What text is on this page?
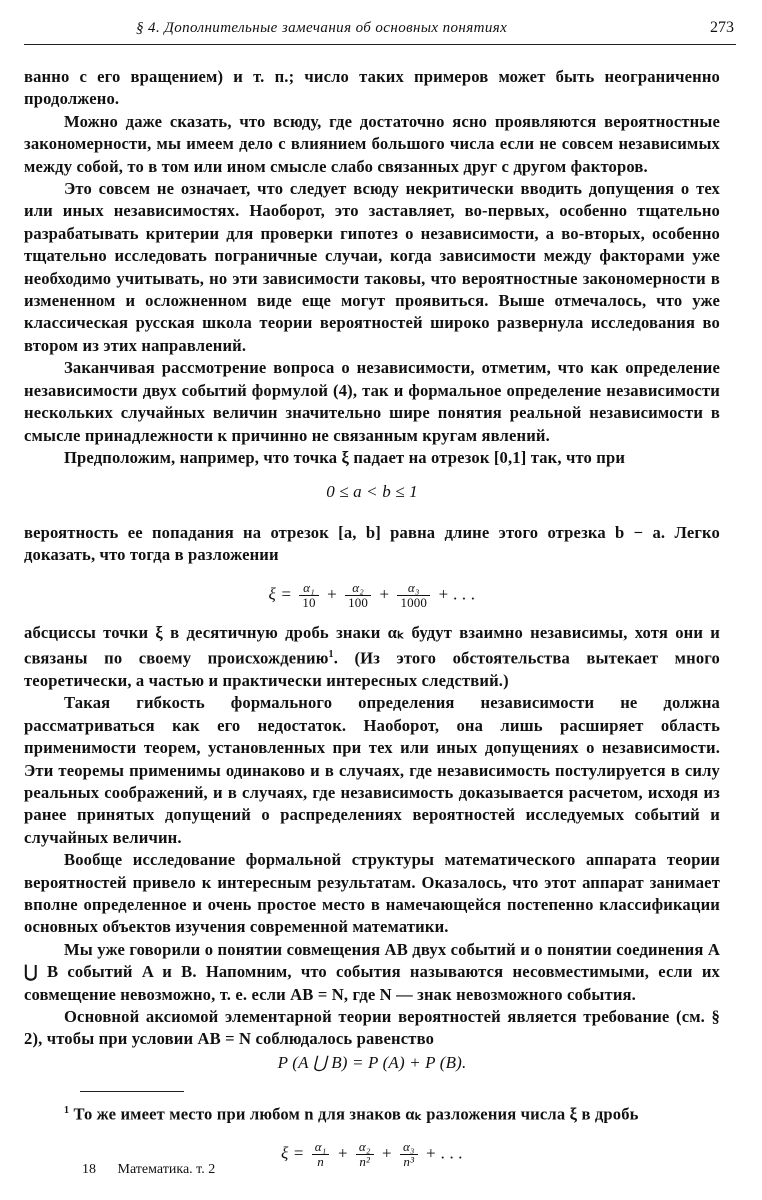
§ 4. Дополнительные замечания об основных понятиях	273

ванно с его вращением) и т. п.; число таких примеров может быть неограниченно продолжено.

Можно даже сказать, что всюду, где достаточно ясно проявляются вероятностные закономерности, мы имеем дело с влиянием большого числа если не совсем независимых между собой, то в том или ином смысле слабо связанных друг с другом факторов.

Это совсем не означает, что следует всюду некритически вводить допущения о тех или иных независимостях. Наоборот, это заставляет, во-первых, особенно тщательно разрабатывать критерии для проверки гипотез о независимости, а во-вторых, особенно тщательно исследовать пограничные случаи, когда зависимости между факторами уже необходимо учитывать, но эти зависимости таковы, что вероятностные закономерности в измененном и осложненном виде еще могут проявиться. Выше отмечалось, что уже классическая русская школа теории вероятностей широко развернула исследования во втором из этих направлений.

Заканчивая рассмотрение вопроса о независимости, отметим, что как определение независимости двух событий формулой (4), так и формальное определение независимости нескольких случайных величин значительно шире понятия реальной независимости в смысле принадлежности к причинно не связанным кругам явлений.

Предположим, например, что точка ξ падает на отрезок [0,1] так, что при

0 ≤ a < b ≤ 1

вероятность ее попадания на отрезок [a, b] равна длине этого отрезка b − a. Легко доказать, что тогда в разложении

$\xi = \frac{\text{α₁}}{10} + \frac{\text{α₂}}{100} + \frac{\text{α₃}}{1000}$ + . . .

абсциссы точки ξ в десятичную дробь знаки αₖ будут взаимно независимы, хотя они и связаны по своему происхождению$^1$. (Из этого обстоятельства вытекает много теоретически, а частью и практически интересных следствий.)

Такая гибкость формального определения независимости не должна рассматриваться как его недостаток. Наоборот, она лишь расширяет область применимости теорем, установленных при тех или иных допущениях о независимости. Эти теоремы применимы одинаково и в случаях, где независимость постулируется в силу реальных соображений, и в случаях, где независимость доказывается расчетом, исходя из ранее принятых допущений о распределениях вероятностей исследуемых событий и случайных величин.

Вообще исследование формальной структуры математического аппарата теории вероятностей привело к интересным результатам. Оказалось, что этот аппарат занимает вполне определенное и очень простое место в намечающейся постепенно классификации основных объектов изучения современной математики.

Мы уже говорили о понятии совмещения AB двух событий и о понятии соединения A ⋃ B событий A и B. Напомним, что события называются несовместимыми, если их совмещение невозможно, т. е. если AB = N, где N — знак невозможного события.

Основной аксиомой элементарной теории вероятностей является требование (см. § 2), чтобы при условии AB = N соблюдалось равенство

P (A ⋃ B) = P (A) + P (B).

$^1$ То же имеет место при любом n для знаков αₖ разложения числа ξ в дробь

$\xi = \frac{\text{α₁}}{n} + \frac{\text{α₂}}{\text{n²}} + \frac{\text{α₃}}{\text{n³}}$ + . . .
18 Математика. т. 2
